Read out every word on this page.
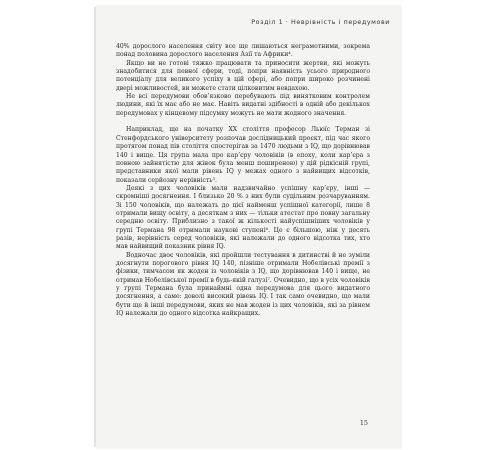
Розділ 1 · Неврівність і передумови

40% дорослого населення світу все ще лишаються неграмотними, зокрема понад половина дорослого населення Азії та Африки⁴.

Якщо ви не готові тяжко працювати та приносити жертви, які можуть знадобитися для певної сфери, тоді, попри наявність усього природного потенціалу для великого успіху в цій сфері, або попри широко розчинені двері можливостей, ви можете стати цілковитим невдахою.

Не всі передумови обов’язково перебувають під винятковим контролем людини, які їх має або не має. Навіть видатні здібності в одній або декількох передумовах у кінцевому підсумку можуть не мати жодного значення.

Наприклад, ще на початку ХХ століття професор Льюїс Терман зі Стенфордського університету розпочав дослідницький проєкт, під час якого протягом понад пів століття спостерігав за 1470 людьми з IQ, що дорівнював 140 і вище. Ця група мала про кар’єру чоловіків (в епоху, коли кар’єра з повною зайнятістю для жінок була менш поширеною) у цій рідкісній групі, представники якої мали рівень IQ у межах одного з найвищих відсотків, показали серйозну нерівність⁵.

Деякі з цих чоловіків мали надзвичайно успішну кар’єру, інші — скромніші досягнення. І близько 20 % з них були суцільним розчаруванням. Зі 150 чоловіків, що належать до цієї найменш успішної категорії, лише 8 отримали вищу освіту, а десяткам з них — тільки атестат про повну загальну середню освіту. Приблизно з такої ж кількості найуспішніших чоловіків у групі Термана 98 отримали наукові ступені⁶. Це є більшою, ніж у десять разів, нерівність серед чоловіків, які належали до одного відсотка тих, хто мав найвищий показник рівня IQ.

Водночас двоє чоловіків, які пройшли тестування в дитинстві й не зуміли досягнути порогового рівня IQ 140, пізніше отримали Нобелівські премії з фізики, тимчасом як жоден із чоловіків з IQ, що дорівнював 140 і вище, не отримав Нобелівської премії в будь-якій галузі⁷. Очевидно, що в усіх чоловіків у групі Термана була принаймні одна передумова для цього видатного досягнення, а саме: доволі високий рівень IQ. І так само очевидно, що мали бути ще й інші передумови, яких не мав жоден із цих чоловіків, які за рівнем IQ належали до одного відсотка найкращих.

15
